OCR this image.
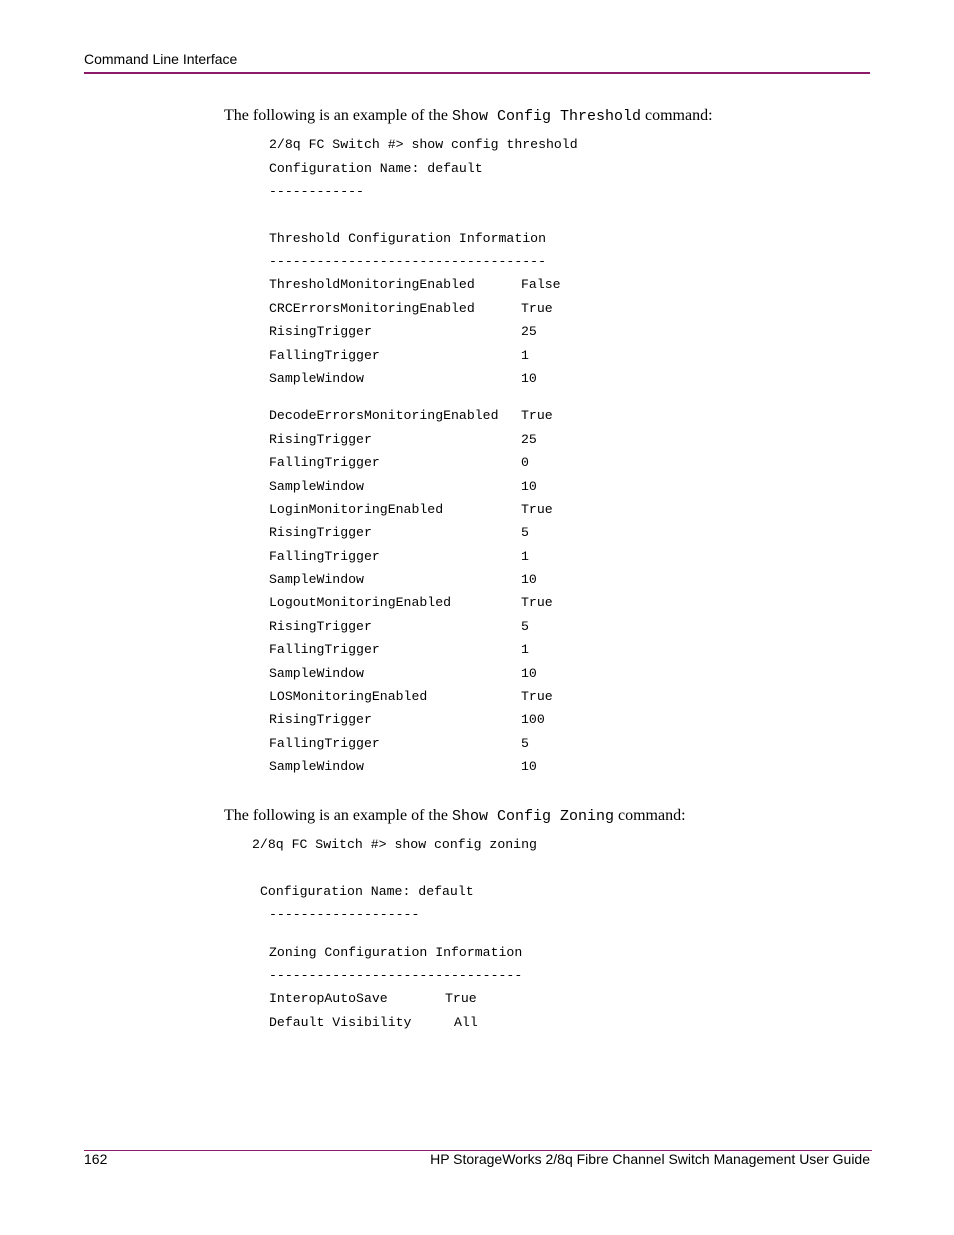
Command Line Interface
The following is an example of the Show Config Threshold command:
2/8q FC Switch #> show config threshold
Configuration Name: default
------------
Threshold Configuration Information
-----------------------------------
ThresholdMonitoringEnabled	False
CRCErrorsMonitoringEnabled	True
RisingTrigger	25
FallingTrigger	1
SampleWindow	10
DecodeErrorsMonitoringEnabled True
RisingTrigger	25
FallingTrigger	0
SampleWindow	10
LoginMonitoringEnabled	True
RisingTrigger	5
FallingTrigger	1
SampleWindow	10
LogoutMonitoringEnabled	True
RisingTrigger	5
FallingTrigger	1
SampleWindow	10
LOSMonitoringEnabled	True
RisingTrigger	100
FallingTrigger	5
SampleWindow	10
The following is an example of the Show Config Zoning command:
2/8q FC Switch #> show config zoning
Configuration Name: default
-------------------
Zoning Configuration Information
--------------------------------
InteropAutoSave	True
Default Visibility	All
162	HP StorageWorks 2/8q Fibre Channel Switch Management User Guide
